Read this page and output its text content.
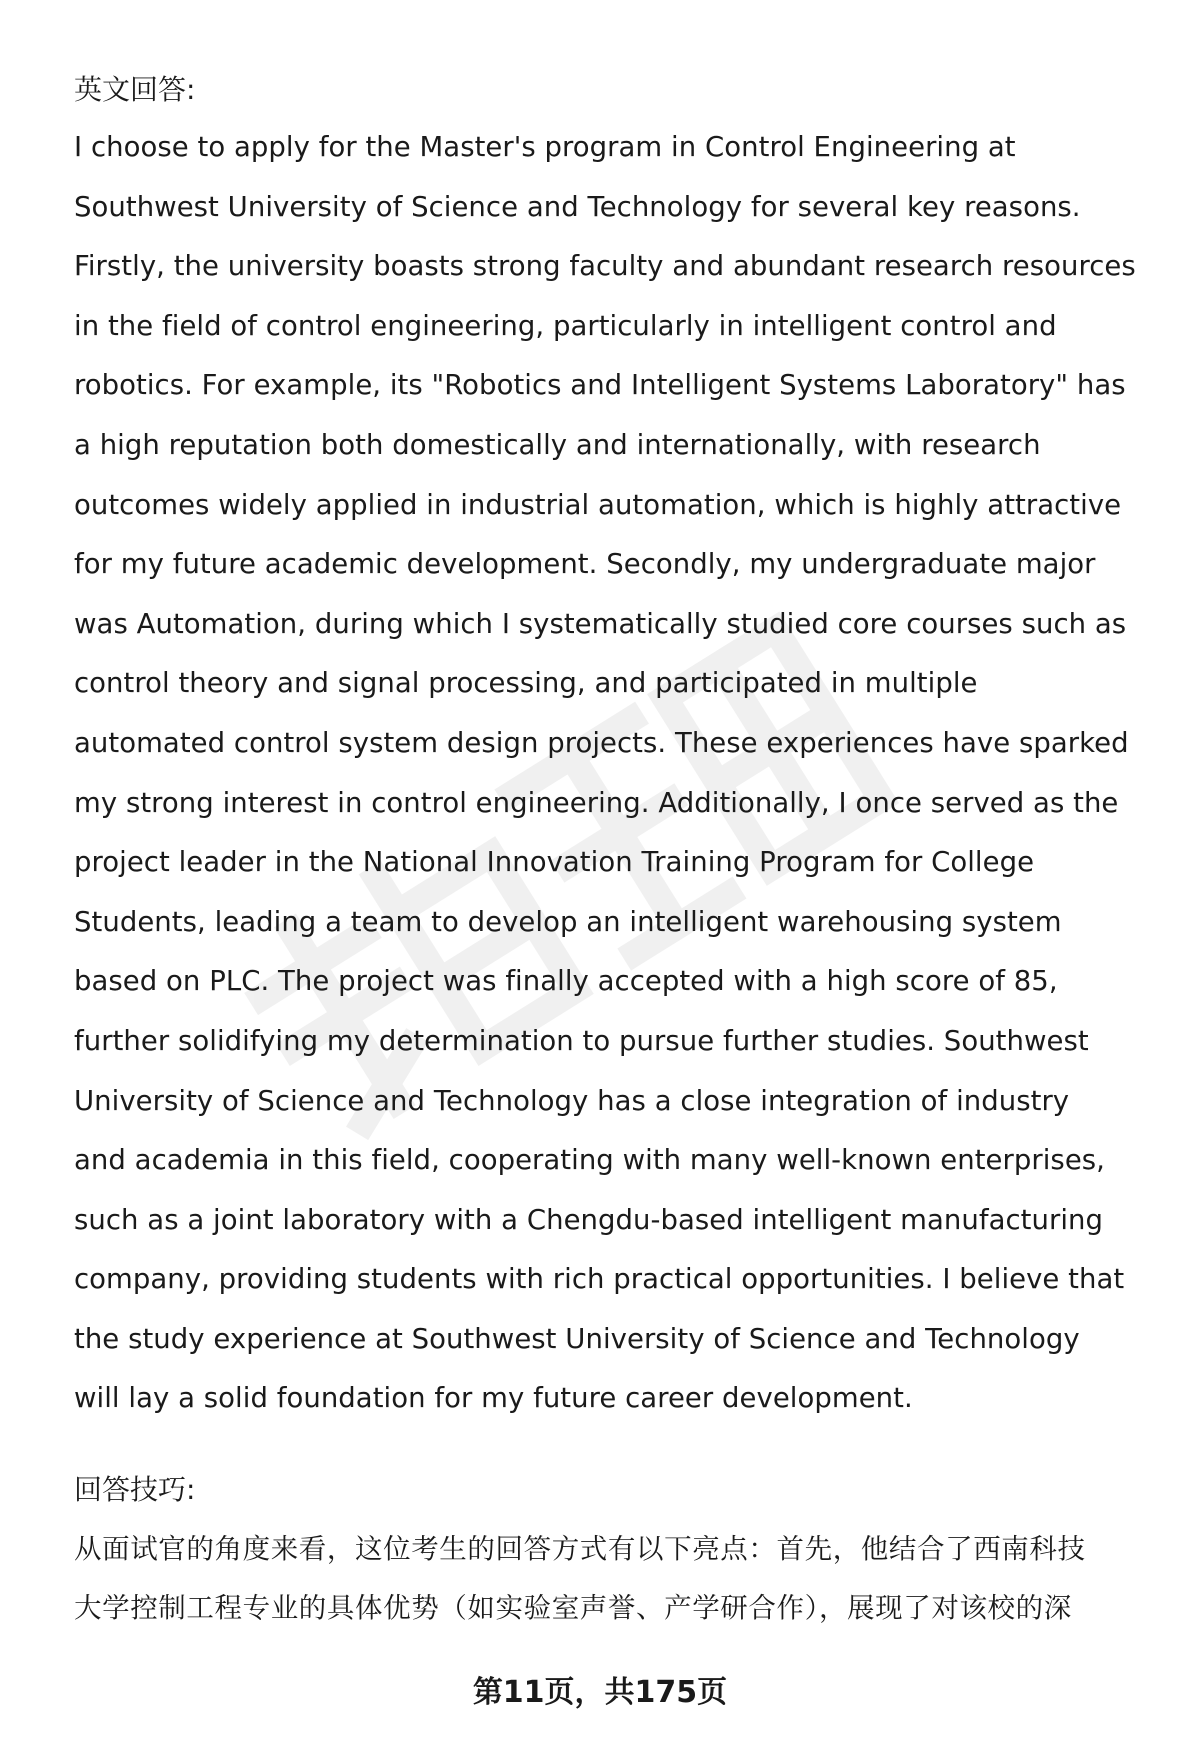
英文回答:
I choose to apply for the Master's program in Control Engineering at
Southwest University of Science and Technology for several key reasons.
Firstly, the university boasts strong faculty and abundant research resources
in the field of control engineering, particularly in intelligent control and
robotics. For example, its "Robotics and Intelligent Systems Laboratory" has
a high reputation both domestically and internationally, with research
outcomes widely applied in industrial automation, which is highly attractive
for my future academic development. Secondly, my undergraduate major
was Automation, during which I systematically studied core courses such as
control theory and signal processing, and participated in multiple
automated control system design projects. These experiences have sparked
my strong interest in control engineering. Additionally, I once served as the
project leader in the National Innovation Training Program for College
Students, leading a team to develop an intelligent warehousing system
based on PLC. The project was finally accepted with a high score of 85,
further solidifying my determination to pursue further studies. Southwest
University of Science and Technology has a close integration of industry
and academia in this field, cooperating with many well-known enterprises,
such as a joint laboratory with a Chengdu-based intelligent manufacturing
company, providing students with rich practical opportunities. I believe that
the study experience at Southwest University of Science and Technology
will lay a solid foundation for my future career development.
回答技巧:
从面试官的角度来看，这位考生的回答方式有以下亮点：首先，他结合了西南科技
大学控制工程专业的具体优势（如实验室声誉、产学研合作），展现了对该校的深
第11页，共175页
